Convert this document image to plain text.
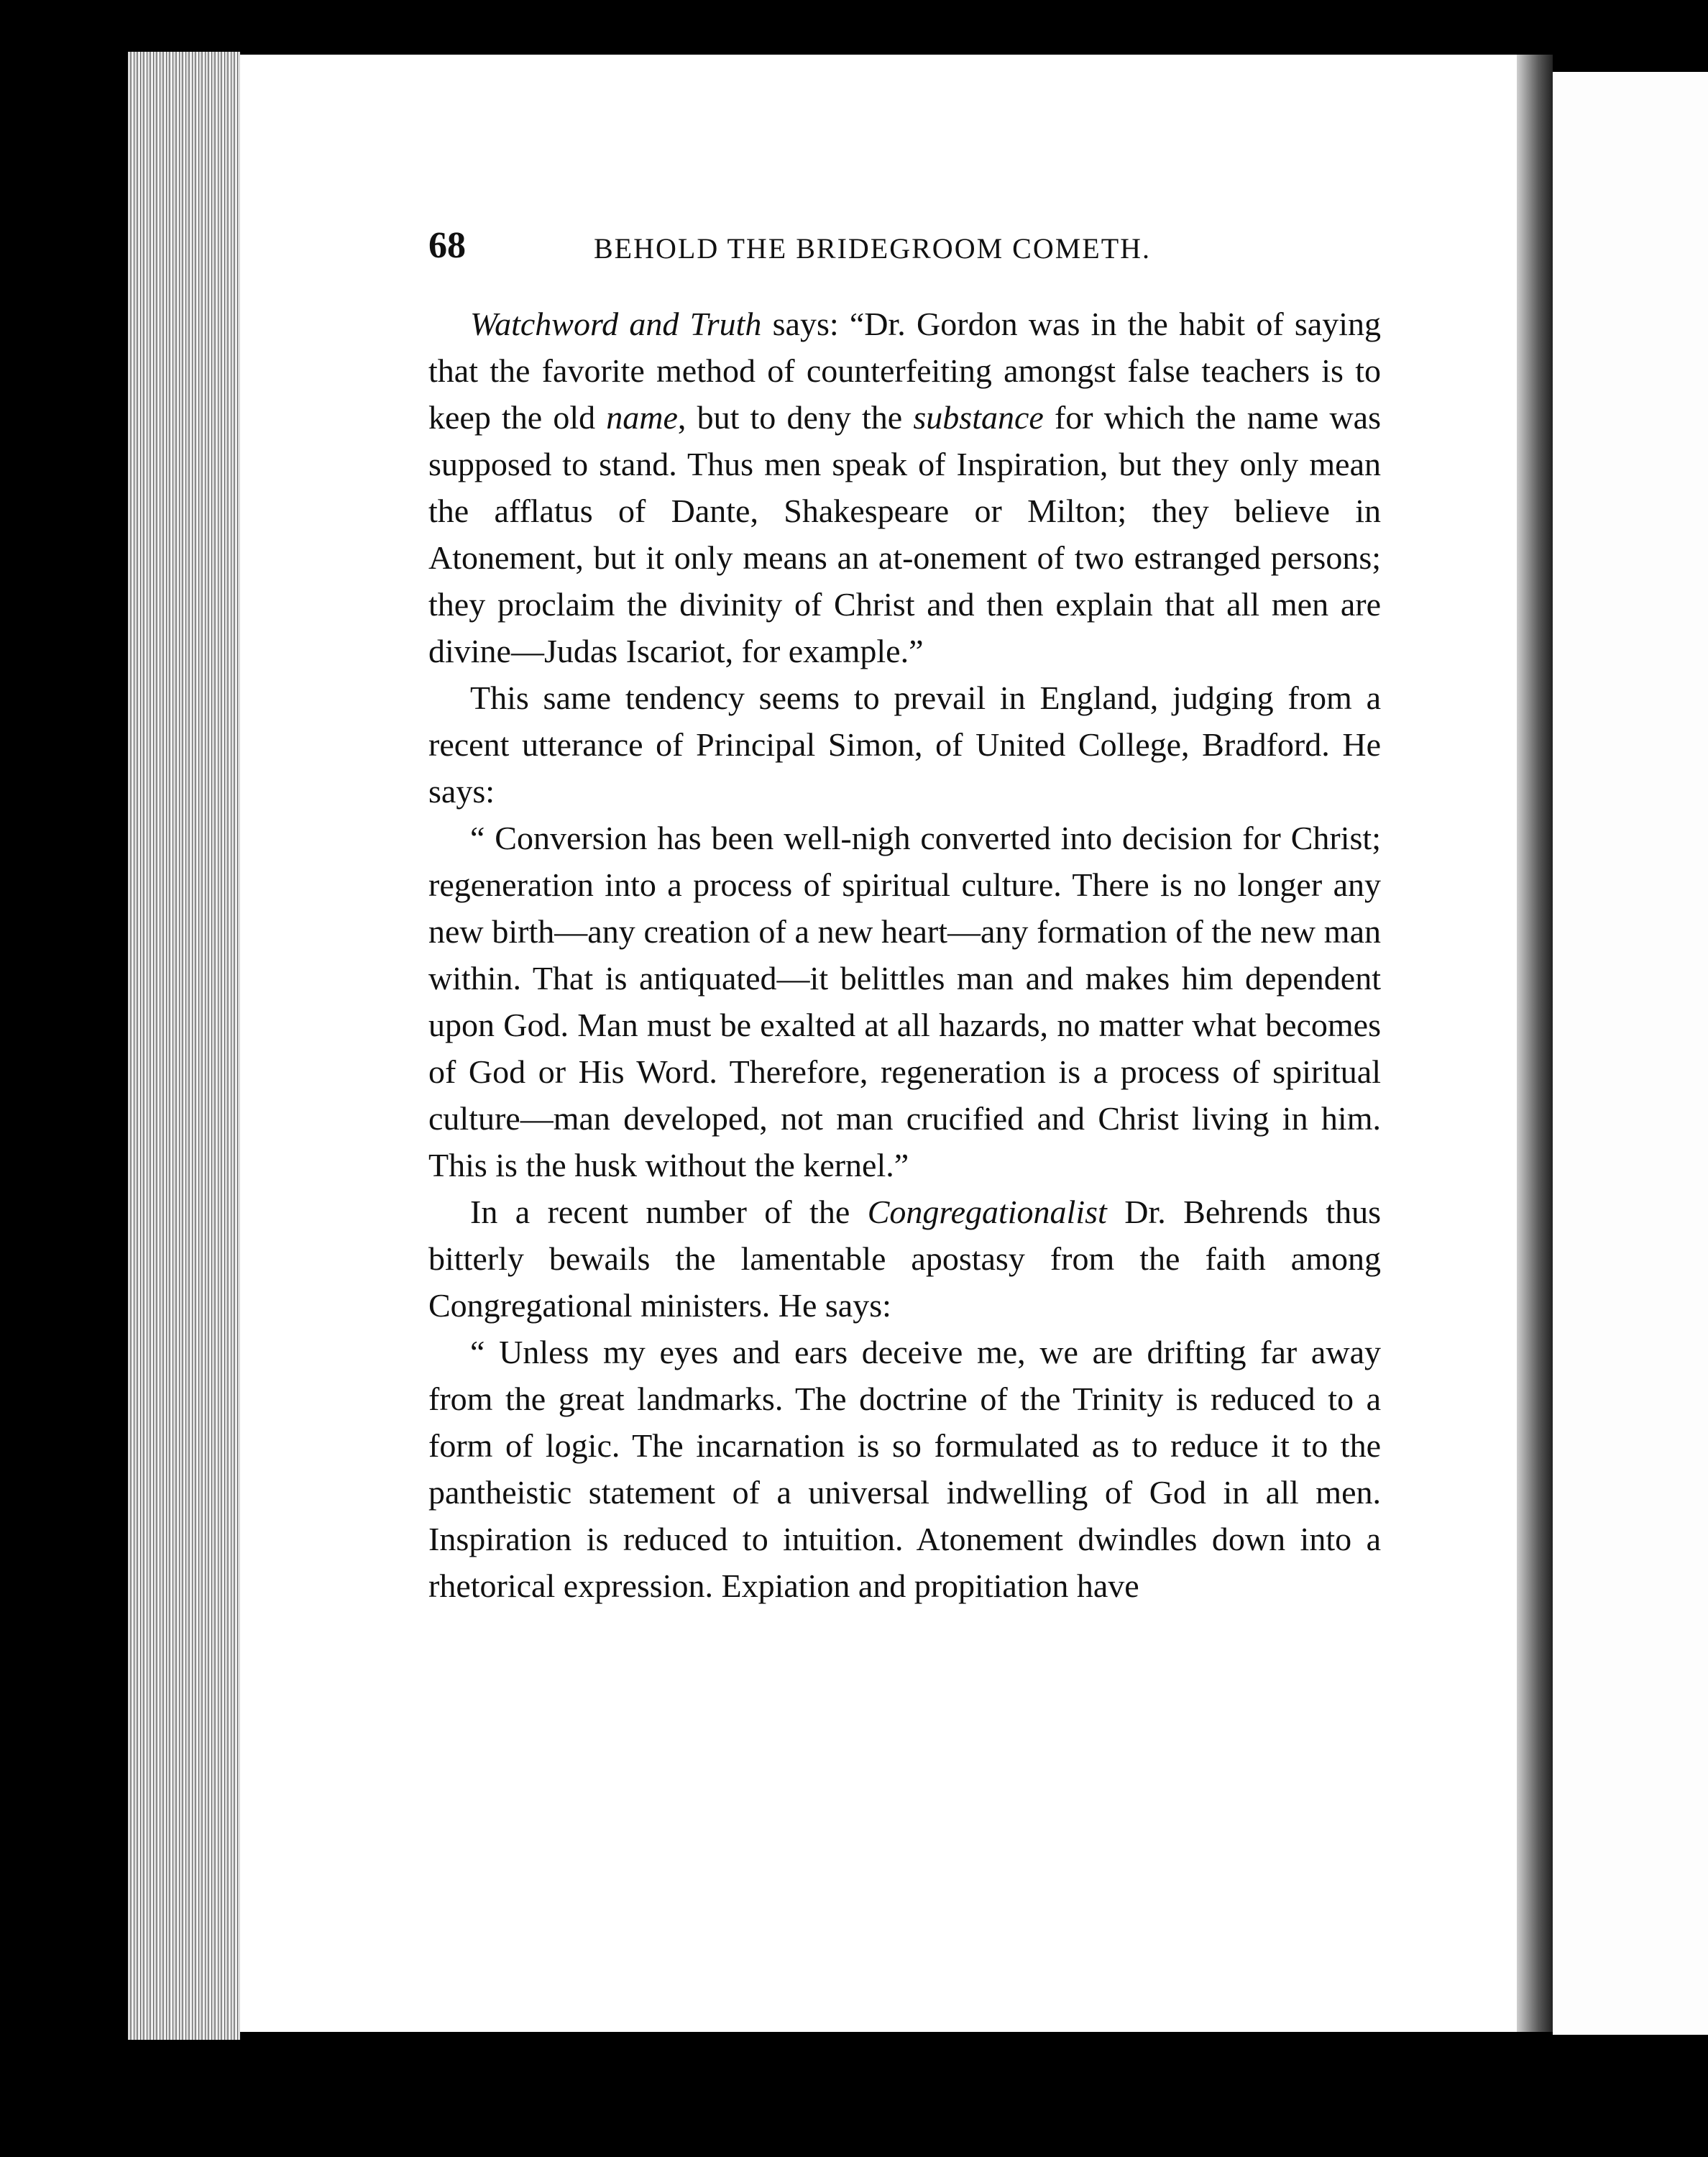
68	BEHOLD THE BRIDEGROOM COMETH.

Watchword and Truth says: “Dr. Gordon was in the habit of saying that the favorite method of counterfeiting amongst false teachers is to keep the old name, but to deny the substance for which the name was supposed to stand. Thus men speak of Inspiration, but they only mean the afflatus of Dante, Shakespeare or Milton; they believe in Atonement, but it only means an at-onement of two estranged persons; they proclaim the divinity of Christ and then explain that all men are divine—Judas Iscariot, for example.”

This same tendency seems to prevail in England, judging from a recent utterance of Principal Simon, of United College, Bradford. He says:

“ Conversion has been well-nigh converted into decision for Christ; regeneration into a process of spiritual culture. There is no longer any new birth—any creation of a new heart—any formation of the new man within. That is antiquated—it belittles man and makes him dependent upon God. Man must be exalted at all hazards, no matter what becomes of God or His Word. Therefore, regeneration is a process of spiritual culture—man developed, not man crucified and Christ living in him. This is the husk without the kernel.”

In a recent number of the Congregationalist Dr. Behrends thus bitterly bewails the lamentable apostasy from the faith among Congregational ministers. He says:

“ Unless my eyes and ears deceive me, we are drifting far away from the great landmarks. The doctrine of the Trinity is reduced to a form of logic. The incarnation is so formulated as to reduce it to the pantheistic statement of a universal indwelling of God in all men. Inspiration is reduced to intuition. Atonement dwindles down into a rhetorical expression. Expiation and propitiation have
